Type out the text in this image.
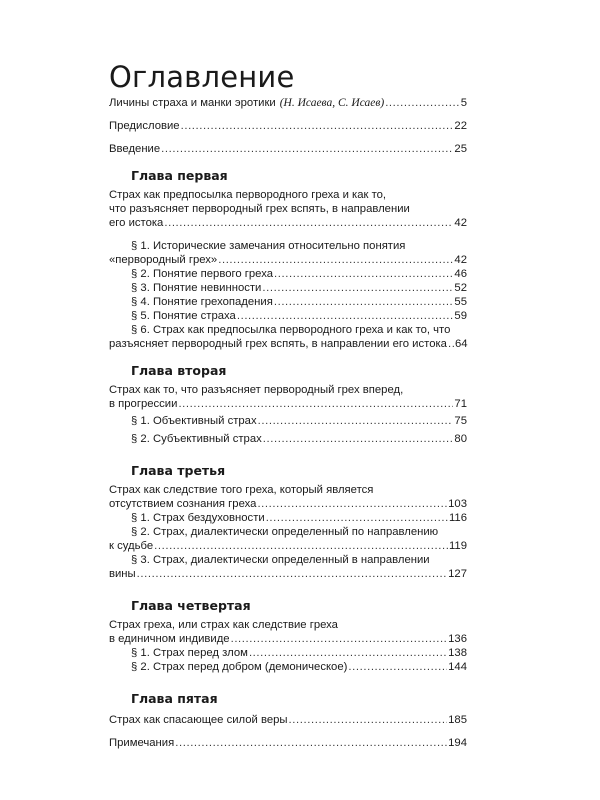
Оглавление
Личины страха и манки эротики (Н. Исаева, С. Исаев) .....	5
Предисловие .....	22
Введение .....	25
Глава первая
Страх как предпосылка первородного греха и как то,
что разъясняет первородный грех вспять, в направлении
его истока .....	42
§ 1. Исторические замечания относительно понятия
«первородный грех» .....	42
§ 2. Понятие первого греха .....	46
§ 3. Понятие невинности .....	52
§ 4. Понятие грехопадения .....	55
§ 5. Понятие страха .....	59
§ 6. Страх как предпосылка первородного греха и как то, что
разъясняет первородный грех вспять, в направлении его истока ..... 64
Глава вторая
Страх как то, что разъясняет первородный грех вперед,
в прогрессии .....	71
§ 1. Объективный страх .....	75
§ 2. Субъективный страх .....	80
Глава третья
Страх как следствие того греха, который является
отсутствием сознания греха .....	103
§ 1. Страх бездуховности .....	116
§ 2. Страх, диалектически определенный по направлению
к судьбе .....	119
§ 3. Страх, диалектически определенный в направлении
вины .....	127
Глава четвертая
Страх греха, или страх как следствие греха
в единичном индивиде .....	136
§ 1. Страх перед злом .....	138
§ 2. Страх перед добром (демоническое) .....	144
Глава пятая
Страх как спасающее силой веры .....	185
Примечания .....	194
